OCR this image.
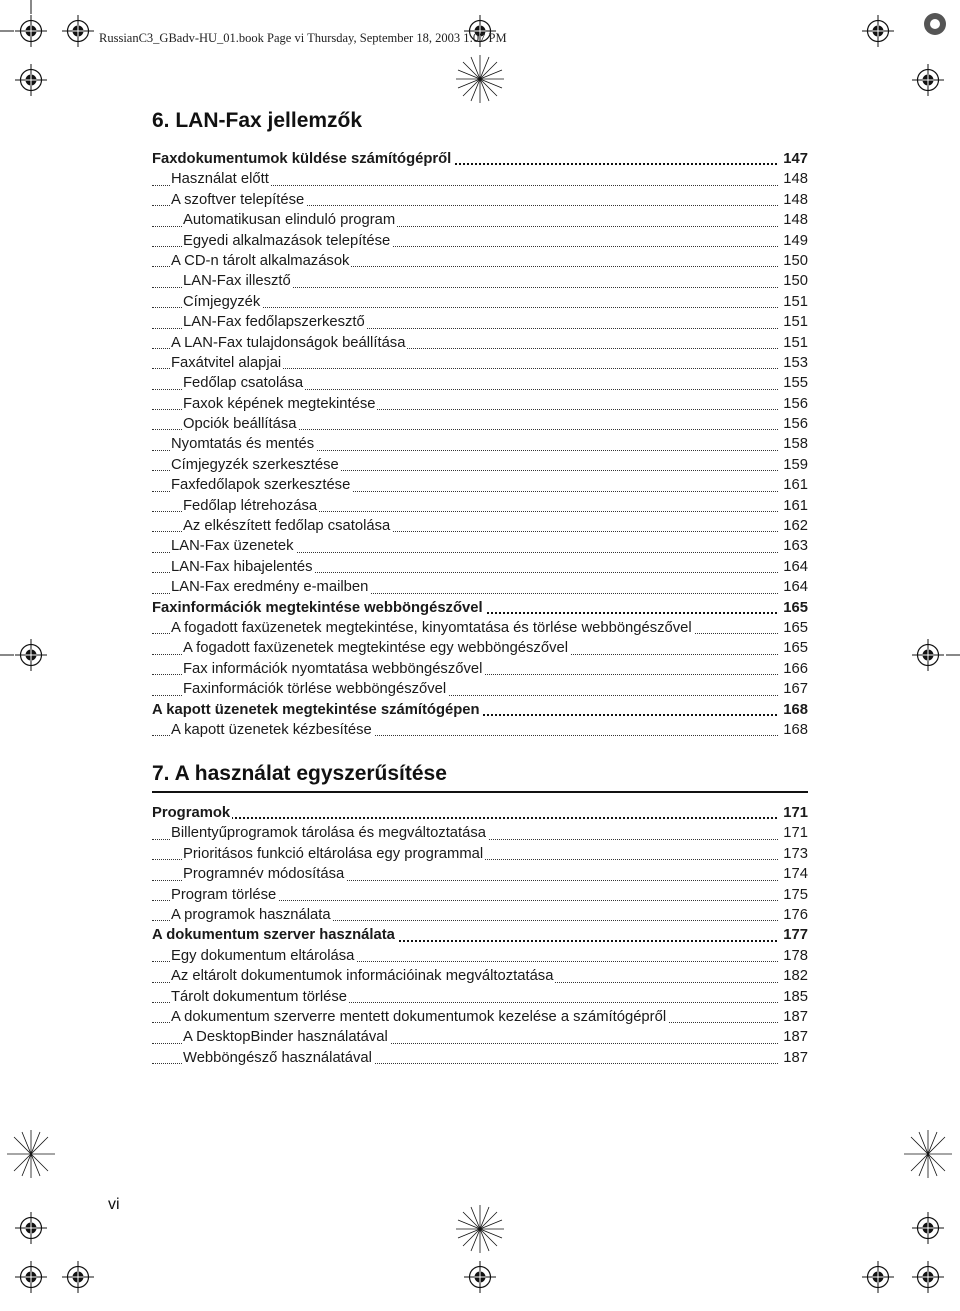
RussianC3_GBadv-HU_01.book Page vi Thursday, September 18, 2003 1:07 PM
6. LAN-Fax jellemzők
Faxdokumentumok küldése számítógépről	147
Használat előtt	148
A szoftver telepítése	148
Automatikusan elinduló program	148
Egyedi alkalmazások telepítése	149
A CD-n tárolt alkalmazások	150
LAN-Fax illesztő	150
Címjegyzék	151
LAN-Fax fedőlapszerkesztő	151
A LAN-Fax tulajdonságok beállítása	151
Faxátvitel alapjai	153
Fedőlap csatolása	155
Faxok képének megtekintése	156
Opciók beállítása	156
Nyomtatás és mentés	158
Címjegyzék szerkesztése	159
Faxfedőlapok szerkesztése	161
Fedőlap létrehozása	161
Az elkészített fedőlap csatolása	162
LAN-Fax üzenetek	163
LAN-Fax hibajelentés	164
LAN-Fax eredmény e-mailben	164
Faxinformációk megtekintése webböngészővel	165
A fogadott faxüzenetek megtekintése, kinyomtatása és törlése webböngészővel	165
A fogadott faxüzenetek megtekintése egy webböngészővel	165
Fax információk nyomtatása webböngészővel	166
Faxinformációk törlése webböngészővel	167
A kapott üzenetek megtekintése számítógépen	168
A kapott üzenetek kézbesítése	168
7. A használat egyszerűsítése
Programok	171
Billentyűprogramok tárolása és megváltoztatása	171
Prioritásos funkció eltárolása egy programmal	173
Programnév módosítása	174
Program törlése	175
A programok használata	176
A dokumentum szerver használata	177
Egy dokumentum eltárolása	178
Az eltárolt dokumentumok információinak megváltoztatása	182
Tárolt dokumentum törlése	185
A dokumentum szerverre mentett dokumentumok kezelése a számítógépről	187
A DesktopBinder használatával	187
Webböngésző használatával	187
vi
